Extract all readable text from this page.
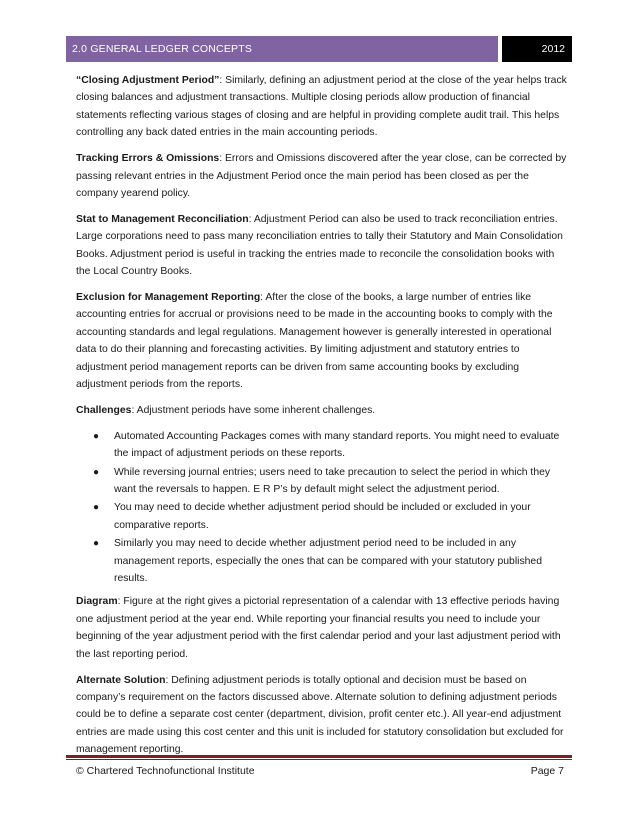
2.0 GENERAL LEDGER CONCEPTS	2012

“Closing Adjustment Period”: Similarly, defining an adjustment period at the close of the year helps track closing balances and adjustment transactions. Multiple closing periods allow production of financial statements reflecting various stages of closing and are helpful in providing complete audit trail. This helps controlling any back dated entries in the main accounting periods.

Tracking Errors & Omissions: Errors and Omissions discovered after the year close, can be corrected by passing relevant entries in the Adjustment Period once the main period has been closed as per the company yearend policy.

Stat to Management Reconciliation: Adjustment Period can also be used to track reconciliation entries. Large corporations need to pass many reconciliation entries to tally their Statutory and Main Consolidation Books. Adjustment period is useful in tracking the entries made to reconcile the consolidation books with the Local Country Books.

Exclusion for Management Reporting: After the close of the books, a large number of entries like accounting entries for accrual or provisions need to be made in the accounting books to comply with the accounting standards and legal regulations. Management however is generally interested in operational data to do their planning and forecasting activities. By limiting adjustment and statutory entries to adjustment period management reports can be driven from same accounting books by excluding adjustment periods from the reports.

Challenges: Adjustment periods have some inherent challenges.

● Automated Accounting Packages comes with many standard reports. You might need to evaluate the impact of adjustment periods on these reports.
● While reversing journal entries; users need to take precaution to select the period in which they want the reversals to happen. E R P’s by default might select the adjustment period.
● You may need to decide whether adjustment period should be included or excluded in your comparative reports.
● Similarly you may need to decide whether adjustment period need to be included in any management reports, especially the ones that can be compared with your statutory published results.

Diagram: Figure at the right gives a pictorial representation of a calendar with 13 effective periods having one adjustment period at the year end. While reporting your financial results you need to include your beginning of the year adjustment period with the first calendar period and your last adjustment period with the last reporting period.

Alternate Solution: Defining adjustment periods is totally optional and decision must be based on company’s requirement on the factors discussed above. Alternate solution to defining adjustment periods could be to define a separate cost center (department, division, profit center etc.). All year-end adjustment entries are made using this cost center and this unit is included for statutory consolidation but excluded for management reporting.

© Chartered Technofunctional Institute	Page 7
